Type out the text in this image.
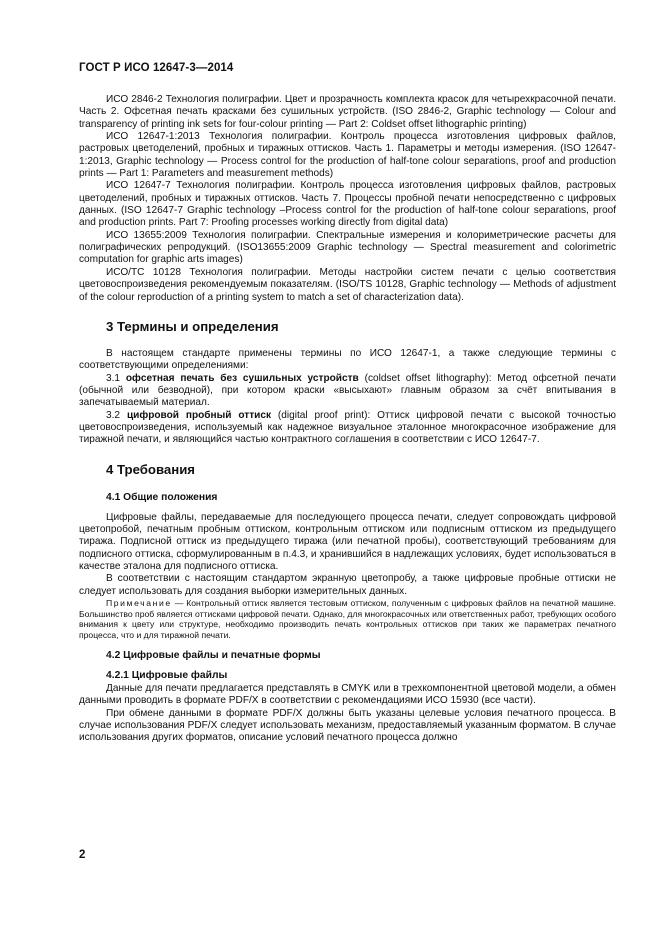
ГОСТ Р ИСО 12647-3—2014

ИСО 2846-2 Технология полиграфии. Цвет и прозрачность комплекта красок для четырехкрасочной печати. Часть 2. Офсетная печать красками без сушильных устройств. (ISO 2846-2, Graphic technology — Colour and transparency of printing ink sets for four-colour printing — Part 2: Coldset offset lithographic printing)

ИСО 12647-1:2013 Технология полиграфии. Контроль процесса изготовления цифровых файлов, растровых цветоделений, пробных и тиражных оттисков. Часть 1. Параметры и методы измерения. (ISO 12647-1:2013, Graphic technology — Process control for the production of half-tone colour separations, proof and production prints — Part 1: Parameters and measurement methods)

ИСО 12647-7 Технология полиграфии. Контроль процесса изготовления цифровых файлов, растровых цветоделений, пробных и тиражных оттисков. Часть 7. Процессы пробной печати непосредственно с цифровых данных. (ISO 12647-7 Graphic technology –Process control for the production of half-tone colour separations, proof and production prints. Part 7: Proofing processes working directly from digital data)

ИСО 13655:2009 Технология полиграфии. Спектральные измерения и колориметрические расчеты для полиграфических репродукций. (ISO13655:2009 Graphic technology — Spectral measurement and colorimetric computation for graphic arts images)

ИСО/TC 10128 Технология полиграфии. Методы настройки систем печати с целью соответствия цветовоспроизведения рекомендуемым показателям. (ISO/TS 10128, Graphic technology — Methods of adjustment of the colour reproduction of a printing system to match a set of characterization data).

3 Термины и определения

В настоящем стандарте применены термины по ИСО 12647-1, а также следующие термины с соответствующими определениями:

3.1 офсетная печать без сушильных устройств (coldset offset lithography): Метод офсетной печати (обычной или безводной), при котором краски «высыхают» главным образом за счёт впитывания в запечатываемый материал.

3.2 цифровой пробный оттиск (digital proof print): Оттиск цифровой печати с высокой точностью цветовоспроизведения, используемый как надежное визуальное эталонное многокрасочное изображение для тиражной печати, и являющийся частью контрактного соглашения в соответствии с ИСО 12647-7.

4 Требования
4.1 Общие положения

Цифровые файлы, передаваемые для последующего процесса печати, следует сопровождать цифровой цветопробой, печатным пробным оттиском, контрольным оттиском или подписным оттиском из предыдущего тиража. Подписной оттиск из предыдущего тиража (или печатной пробы), соответствующий требованиям для подписного оттиска, сформулированным в п.4.3, и хранившийся в надлежащих условиях, будет использоваться в качестве эталона для подписного оттиска.

В соответствии с настоящим стандартом экранную цветопробу, а также цифровые пробные оттиски не следует использовать для создания выборки измерительных данных.

Примечание — Контрольный оттиск является тестовым оттиском, полученным с цифровых файлов на печатной машине. Большинство проб является оттисками цифровой печати. Однако, для многокрасочных или ответственных работ, требующих особого внимания к цвету или структуре, необходимо производить печать контрольных оттисков при таких же параметрах печатного процесса, что и для тиражной печати.

4.2 Цифровые файлы и печатные формы
4.2.1 Цифровые файлы

Данные для печати предлагается представлять в CMYK или в трехкомпонентной цветовой модели, а обмен данными проводить в формате PDF/X в соответствии с рекомендациями ИСО 15930 (все части).

При обмене данными в формате PDF/X должны быть указаны целевые условия печатного процесса. В случае использования PDF/X следует использовать механизм, предоставляемый указанным форматом. В случае использования других форматов, описание условий печатного процесса должно

2
